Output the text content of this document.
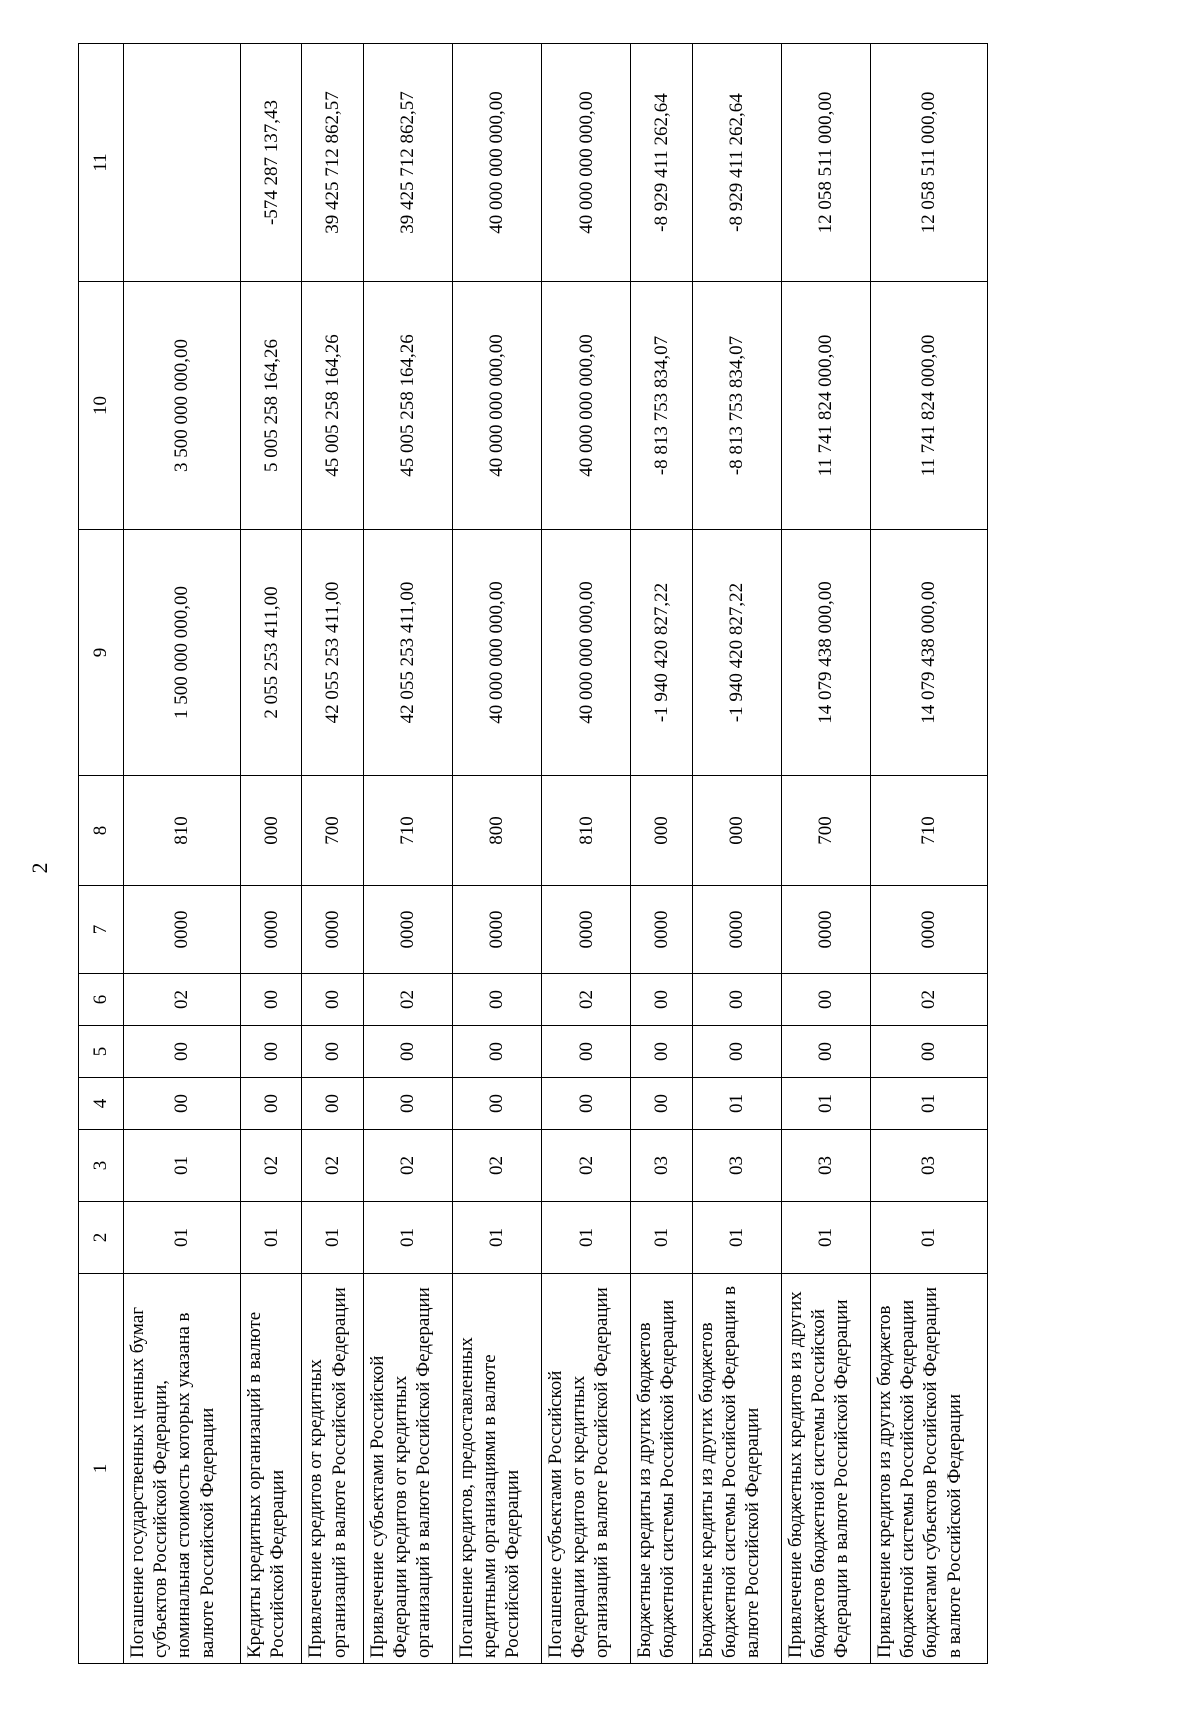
2
1	2	3	4	5	6	7	8	9	10	11
Погашение государственных ценных бумаг субъектов Российской Федерации, номинальная стоимость которых указана в валюте Российской Федерации	01	01	00	00	02	0000	810	1 500 000 000,00	3 500 000 000,00	
Кредиты кредитных организаций в валюте Российской Федерации	01	02	00	00	00	0000	000	2 055 253 411,00	5 005 258 164,26	-574 287 137,43
Привлечение кредитов от кредитных организаций в валюте Российской Федерации	01	02	00	00	00	0000	700	42 055 253 411,00	45 005 258 164,26	39 425 712 862,57
Привлечение субъектами Российской Федерации кредитов от кредитных организаций в валюте Российской Федерации	01	02	00	00	02	0000	710	42 055 253 411,00	45 005 258 164,26	39 425 712 862,57
Погашение кредитов, предоставленных кредитными организациями в валюте Российской Федерации	01	02	00	00	00	0000	800	40 000 000 000,00	40 000 000 000,00	40 000 000 000,00
Погашение субъектами Российской Федерации кредитов от кредитных организаций в валюте Российской Федерации	01	02	00	00	02	0000	810	40 000 000 000,00	40 000 000 000,00	40 000 000 000,00
Бюджетные кредиты из других бюджетов бюджетной системы Российской Федерации	01	03	00	00	00	0000	000	-1 940 420 827,22	-8 813 753 834,07	-8 929 411 262,64
Бюджетные кредиты из других бюджетов бюджетной системы Российской Федерации в валюте Российской Федерации	01	03	01	00	00	0000	000	-1 940 420 827,22	-8 813 753 834,07	-8 929 411 262,64
Привлечение бюджетных кредитов из других бюджетов бюджетной системы Российской Федерации в валюте Российской Федерации	01	03	01	00	00	0000	700	14 079 438 000,00	11 741 824 000,00	12 058 511 000,00
Привлечение кредитов из других бюджетов бюджетной системы Российской Федерации бюджетами субъектов Российской Федерации в валюте Российской Федерации	01	03	01	00	02	0000	710	14 079 438 000,00	11 741 824 000,00	12 058 511 000,00
